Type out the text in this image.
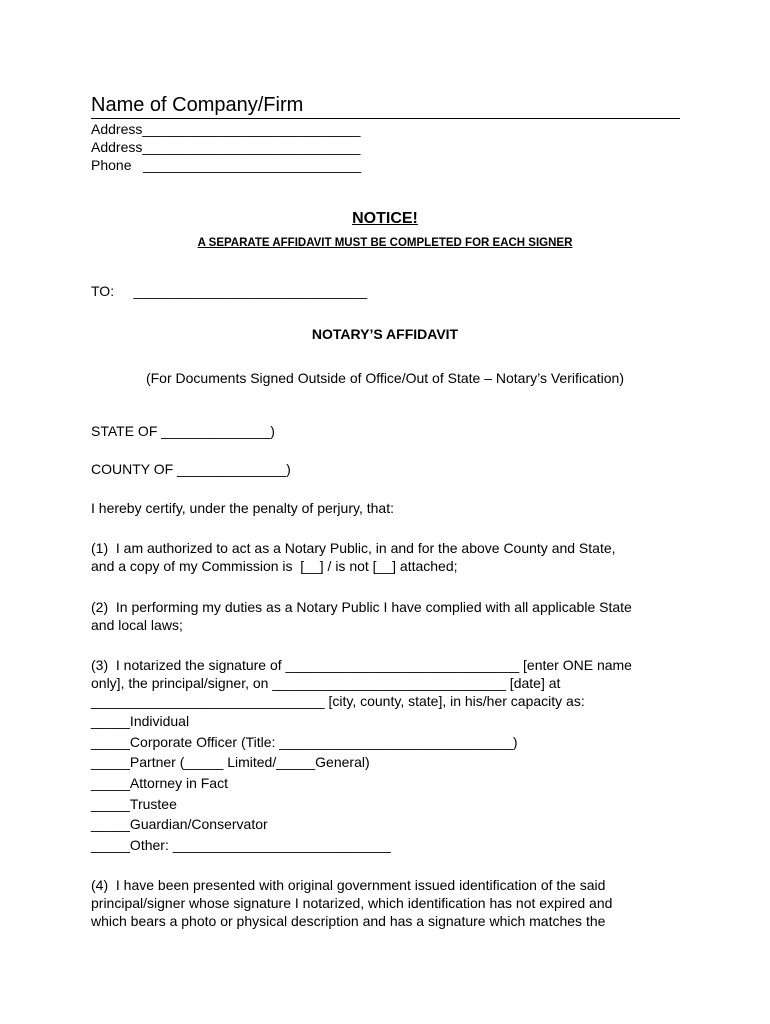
Name of Company/Firm
Address____________________________
Address____________________________
Phone   ____________________________
NOTICE!
A SEPARATE AFFIDAVIT MUST BE COMPLETED FOR EACH SIGNER
TO:     ______________________________
NOTARY’S AFFIDAVIT
(For Documents Signed Outside of Office/Out of State – Notary’s Verification)
STATE OF ______________)
COUNTY OF ______________)
I hereby certify, under the penalty of perjury, that:
(1)  I am authorized to act as a Notary Public, in and for the above County and State,
and a copy of my Commission is  [__] / is not [__] attached;
(2)  In performing my duties as a Notary Public I have complied with all applicable State
and local laws;
(3)  I notarized the signature of ______________________________ [enter ONE name
only], the principal/signer, on ______________________________ [date] at
______________________________ [city, county, state], in his/her capacity as:
_____Individual
_____Corporate Officer (Title: ______________________________)
_____Partner (_____ Limited/_____General)
_____Attorney in Fact
_____Trustee
_____Guardian/Conservator
_____Other: ____________________________
(4)  I have been presented with original government issued identification of the said
principal/signer whose signature I notarized, which identification has not expired and
which bears a photo or physical description and has a signature which matches the
